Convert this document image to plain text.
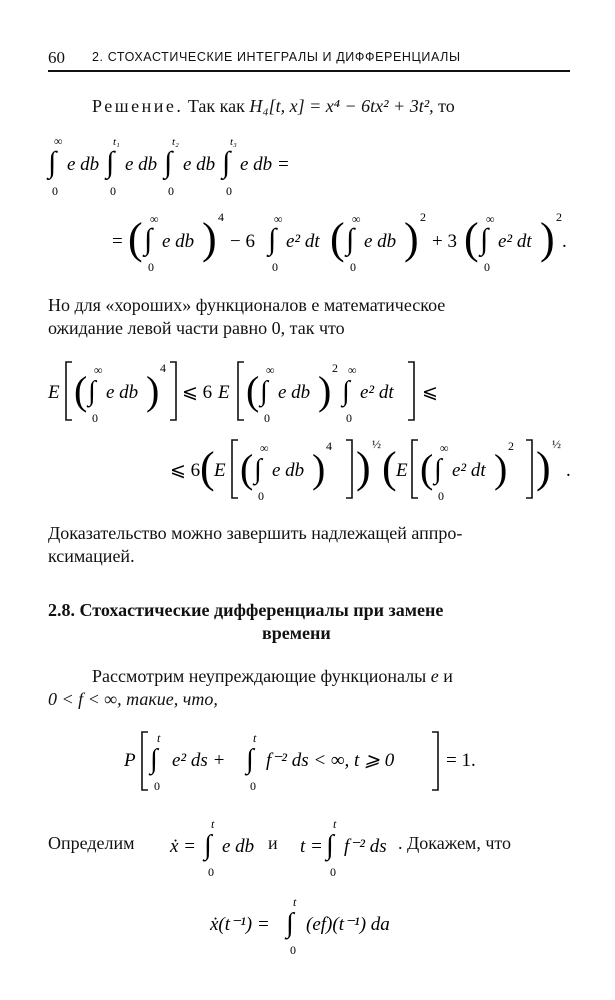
60 2. СТОХАСТИЧЕСКИЕ ИНТЕГРАЛЫ И ДИФФЕРЕНЦИАЛЫ
Решение. Так как H₄[t, x] = x⁴ − 6tx² + 3t², то
∫
∞
0
e db ∫
t₁
0
e db ∫
t₂
0
e db ∫
t₃
0
e db =
= ( ∫
∞
0
e db ) 4
− 6 ∫
∞
0
e² dt ( ∫
∞
0
e db ) 2
+ 3 ( ∫
∞
0
e² dt ) 2
.
Но для «хороших» функционалов e математическое
ожидание левой части равно 0, так что
E ( ∫
∞
0
e db ) 4
⩽ 6 E ( ∫
∞
0
e db ) 2
∫
∞
0
e² dt ⩽
⩽ 6 ( E ( ∫
∞
0
e db ) 4 ) ½ ( E ( ∫
∞
0
e² dt ) 2 ) ½
.
Доказательство можно завершить надлежащей аппро-
ксимацией.
2.8. Стохастические дифференциалы при замене
времени
Рассмотрим неупреждающие функционалы e и
0 < f < ∞, такие, что,
P ∫
t
0
e² ds + ∫
t
0
f⁻² ds < ∞, t ⩾ 0	= 1.
Определим ẋ = ∫
t
0
e db t = ∫
t
0
f⁻² ds
и	. Докажем, что
ẋ(t⁻¹) = ∫
t
0
(ef)(t⁻¹) da
